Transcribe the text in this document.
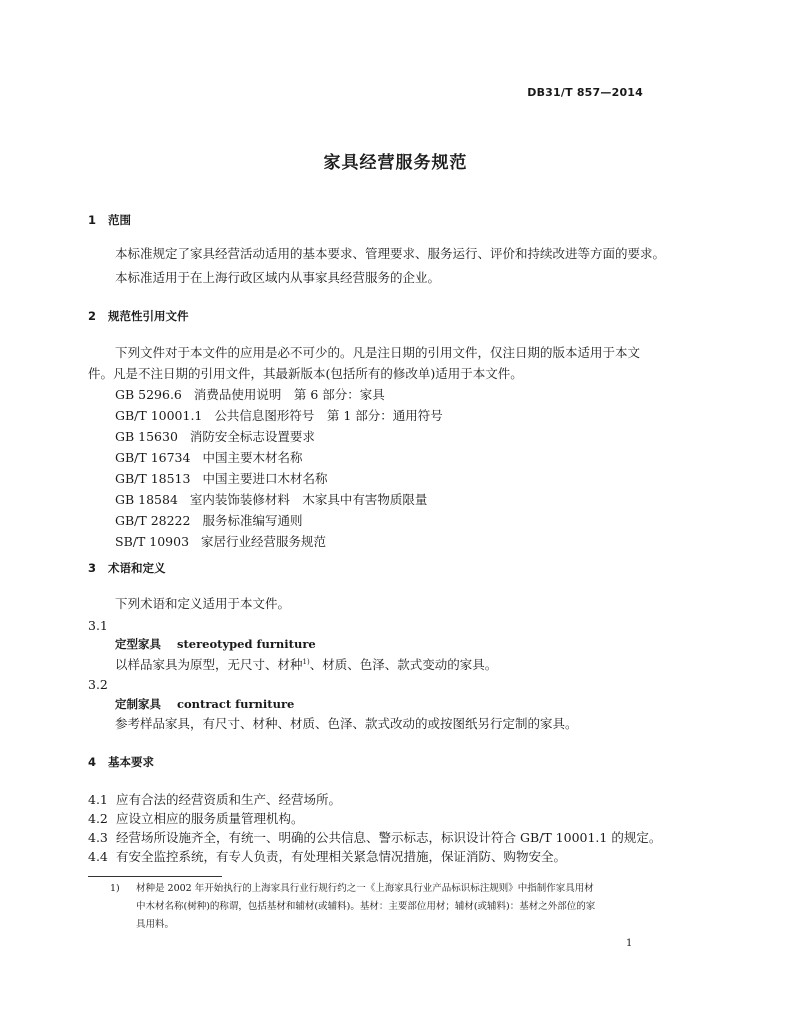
DB31/T 857—2014
家具经营服务规范
1 范围
本标准规定了家具经营活动适用的基本要求、管理要求、服务运行、评价和持续改进等方面的要求。
本标准适用于在上海行政区域内从事家具经营服务的企业。
2 规范性引用文件
下列文件对于本文件的应用是必不可少的。凡是注日期的引用文件，仅注日期的版本适用于本文
件。凡是不注日期的引用文件，其最新版本(包括所有的修改单)适用于本文件。
GB 5296.6 消费品使用说明　第 6 部分：家具
GB/T 10001.1 公共信息图形符号　第 1 部分：通用符号
GB 15630 消防安全标志设置要求
GB/T 16734 中国主要木材名称
GB/T 18513 中国主要进口木材名称
GB 18584 室内装饰装修材料　木家具中有害物质限量
GB/T 28222 服务标准编写通则
SB/T 10903 家居行业经营服务规范
3 术语和定义
下列术语和定义适用于本文件。
3.1
定型家具 stereotyped furniture
以样品家具为原型，无尺寸、材种$^{1)}$、材质、色泽、款式变动的家具。
3.2
定制家具 contract furniture
参考样品家具，有尺寸、材种、材质、色泽、款式改动的或按图纸另行定制的家具。
4 基本要求
4.1 应有合法的经营资质和生产、经营场所。
4.2 应设立相应的服务质量管理机构。
4.3 经营场所设施齐全，有统一、明确的公共信息、警示标志，标识设计符合 GB/T 10001.1 的规定。
4.4 有安全监控系统，有专人负责，有处理相关紧急情况措施，保证消防、购物安全。
1) 材种是 2002 年开始执行的上海家具行业行规行约之一《上海家具行业产品标识标注规则》中指制作家具用材
中木材名称(树种)的称谓，包括基材和辅材(或辅料)。基材：主要部位用材；辅材(或辅料)：基材之外部位的家
具用料。
1
